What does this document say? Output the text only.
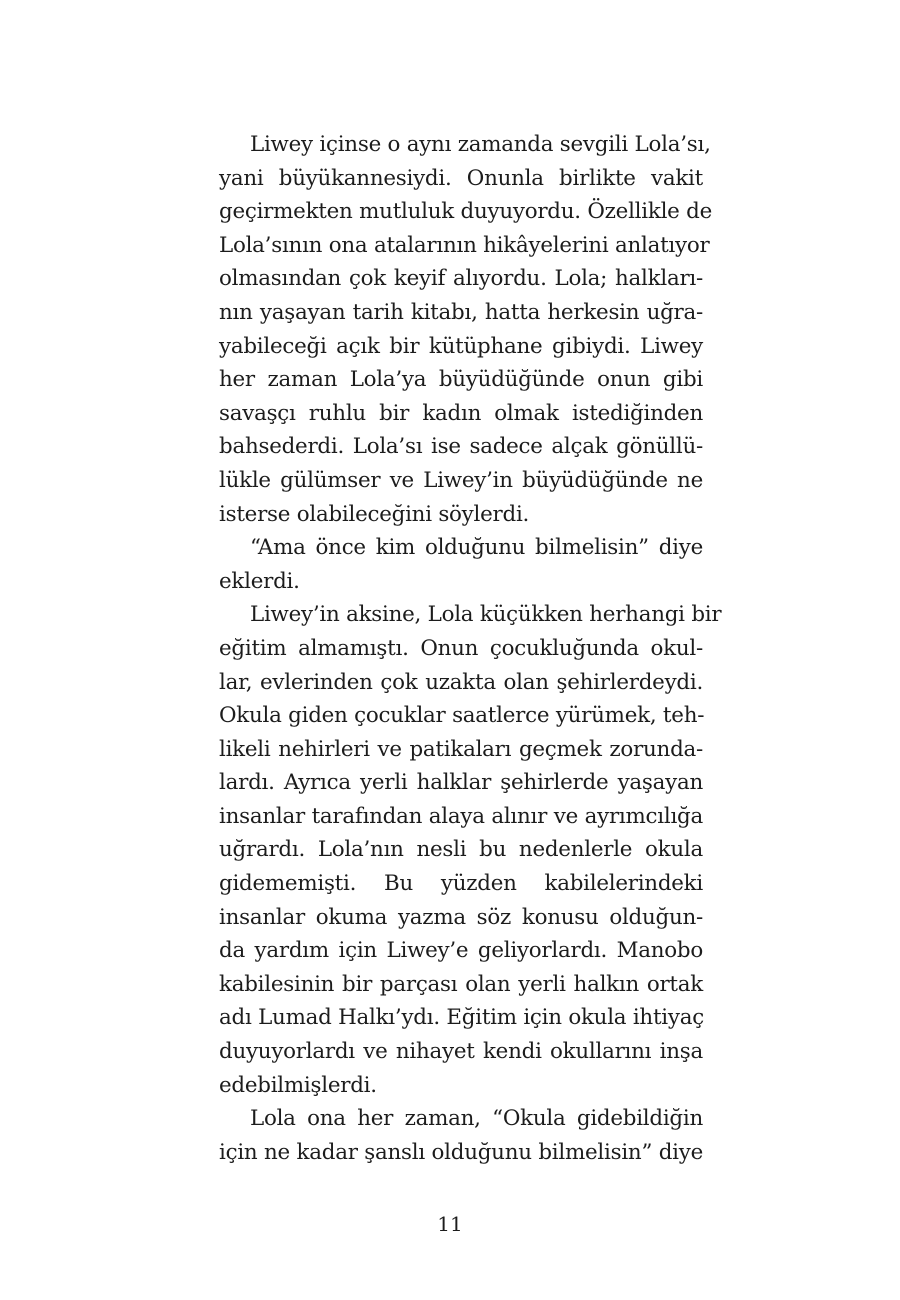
Liwey içinse o aynı zamanda sevgili Lola’sı,
yani büyükannesiydi. Onunla birlikte vakit
geçirmekten mutluluk duyuyordu. Özellikle de
Lola’sının ona atalarının hikâyelerini anlatıyor
olmasından çok keyif alıyordu. Lola; halkları-
nın yaşayan tarih kitabı, hatta herkesin uğra-
yabileceği açık bir kütüphane gibiydi. Liwey
her zaman Lola’ya büyüdüğünde onun gibi
savaşçı ruhlu bir kadın olmak istediğinden
bahsederdi. Lola’sı ise sadece alçak gönüllü-
lükle gülümser ve Liwey’in büyüdüğünde ne
isterse olabileceğini söylerdi.
“Ama önce kim olduğunu bilmelisin” diye
eklerdi.
Liwey’in aksine, Lola küçükken herhangi bir
eğitim almamıştı. Onun çocukluğunda okul-
lar, evlerinden çok uzakta olan şehirlerdeydi.
Okula giden çocuklar saatlerce yürümek, teh-
likeli nehirleri ve patikaları geçmek zorunda-
lardı. Ayrıca yerli halklar şehirlerde yaşayan
insanlar tarafından alaya alınır ve ayrımcılığa
uğrardı. Lola’nın nesli bu nedenlerle okula
gidememişti. Bu yüzden kabilelerindeki
insanlar okuma yazma söz konusu olduğun-
da yardım için Liwey’e geliyorlardı. Manobo
kabilesinin bir parçası olan yerli halkın ortak
adı Lumad Halkı’ydı. Eğitim için okula ihtiyaç
duyuyorlardı ve nihayet kendi okullarını inşa
edebilmişlerdi.
Lola ona her zaman, “Okula gidebildiğin
için ne kadar şanslı olduğunu bilmelisin” diye
11
